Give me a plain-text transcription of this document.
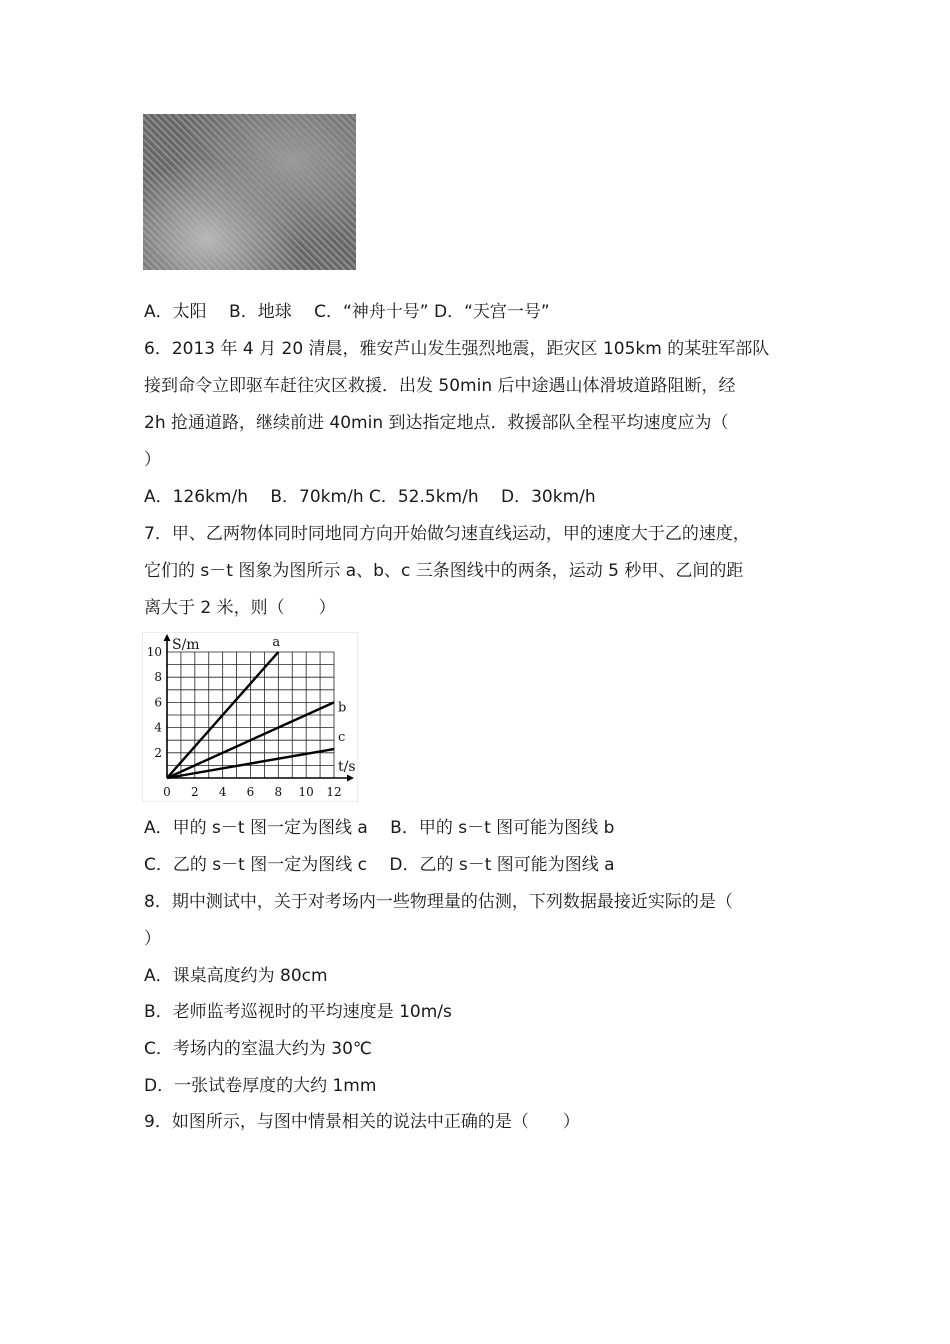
A．太阳　 B．地球　 C．“神舟十号” D．“天宫一号”
6．2013 年 4 月 20 清晨，雅安芦山发生强烈地震，距灾区 105km 的某驻军部队
接到命令立即驱车赶往灾区救援．出发 50min 后中途遇山体滑坡道路阻断，经
2h 抢通道路，继续前进 40min 到达指定地点．救援部队全程平均速度应为（
）
A．126km/h　 B．70km/h C．52.5km/h　 D．30km/h
7．甲、乙两物体同时同地同方向开始做匀速直线运动，甲的速度大于乙的速度，
它们的 s－t 图象为图所示 a、b、c 三条图线中的两条，运动 5 秒甲、乙间的距
离大于 2 米，则（　　）
0 2 4 6 8 10 12
2
4
6
8
10
a
b
c
S/m
t/s
A．甲的 s－t 图一定为图线 a　 B．甲的 s－t 图可能为图线 b
C．乙的 s－t 图一定为图线 c　 D．乙的 s－t 图可能为图线 a
8．期中测试中，关于对考场内一些物理量的估测，下列数据最接近实际的是（
）
A．课桌高度约为 80cm
B．老师监考巡视时的平均速度是 10m/s
C．考场内的室温大约为 30℃
D．一张试卷厚度的大约 1mm
9．如图所示，与图中情景相关的说法中正确的是（　　）
